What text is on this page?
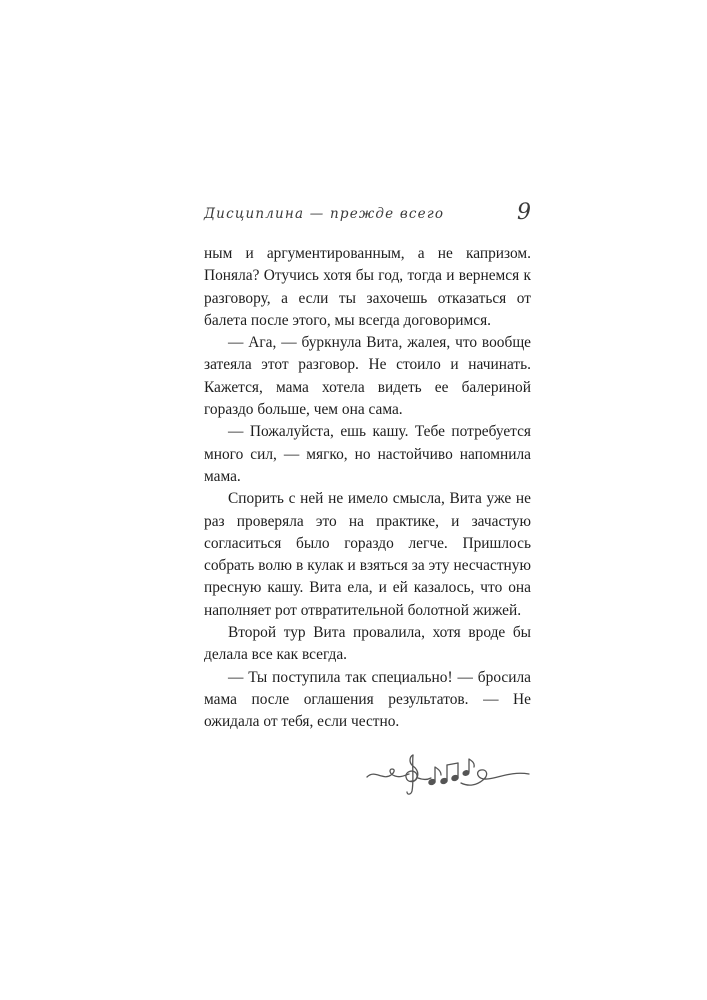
Дисциплина — прежде всего	9

ным и аргументированным, а не капризом. Поняла? Отучись хотя бы год, тогда и вернемся к разговору, а если ты захочешь отказаться от балета после этого, мы всегда договоримся.

— Ага, — буркнула Вита, жалея, что вообще затеяла этот разговор. Не стоило и начинать. Кажется, мама хотела видеть ее балериной гораздо больше, чем она сама.

— Пожалуйста, ешь кашу. Тебе потребуется много сил, — мягко, но настойчиво напомнила мама.

Спорить с ней не имело смысла, Вита уже не раз проверяла это на практике, и зачастую согласиться было гораздо легче. Пришлось собрать волю в кулак и взяться за эту несчастную пресную кашу. Вита ела, и ей казалось, что она наполняет рот отвратительной болотной жижей.

Второй тур Вита провалила, хотя вроде бы делала все как всегда.

— Ты поступила так специально! — бросила мама после оглашения результатов. — Не ожидала от тебя, если честно.
